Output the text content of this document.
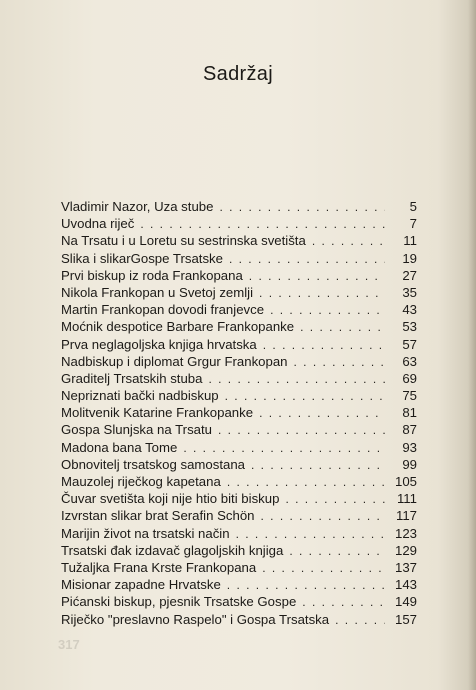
Sadržaj
Vladimir Nazor, Uza stube . . .	5
Uvodna riječ . . .	7
Na Trsatu i u Loretu su sestrinska svetišta . . .	11
Slika i slikarGospe Trsatske . . .	19
Prvi biskup iz roda Frankopana . . .	27
Nikola Frankopan u Svetoj zemlji . . .	35
Martin Frankopan dovodi franjevce . . .	43
Moćnik despotice Barbare Frankopanke . . .	53
Prva neglagoljska knjiga hrvatska . . .	57
Nadbiskup i diplomat Grgur Frankopan . . .	63
Graditelj Trsatskih stuba . . .	69
Nepriznati bački nadbiskup . . .	75
Molitvenik Katarine Frankopanke . . .	81
Gospa Slunjska na Trsatu . . .	87
Madona bana Tome . . .	93
Obnovitelj trsatskog samostana . . .	99
Mauzolej riječkog kapetana . . .	105
Čuvar svetišta koji nije htio biti biskup . . .	111
Izvrstan slikar brat Serafin Schön . . .	117
Marijin život na trsatski način . . .	123
Trsatski đak izdavač glagoljskih knjiga . . .	129
Tužaljka Frana Krste Frankopana . . .	137
Misionar zapadne Hrvatske . . .	143
Pićanski biskup, pjesnik Trsatske Gospe . . .	149
Riječko "preslavno Raspelo" i Gospa Trsatska . . .	157
317
